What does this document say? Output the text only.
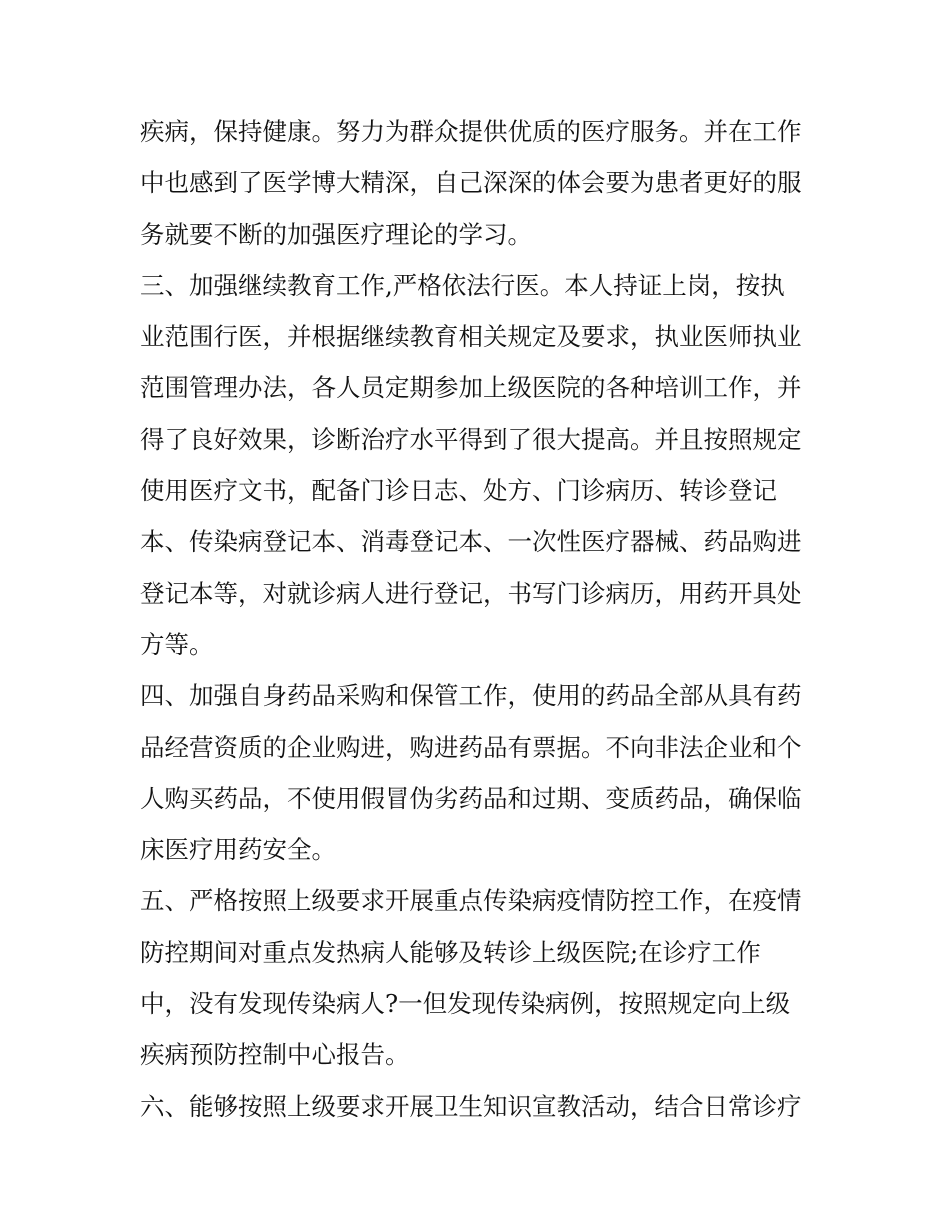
疾病，保持健康。努力为群众提供优质的医疗服务。并在工作
中也感到了医学博大精深，自己深深的体会要为患者更好的服
务就要不断的加强医疗理论的学习。
三、加强继续教育工作,严格依法行医。本人持证上岗，按执
业范围行医，并根据继续教育相关规定及要求，执业医师执业
范围管理办法，各人员定期参加上级医院的各种培训工作，并
得了良好效果，诊断治疗水平得到了很大提高。并且按照规定
使用医疗文书，配备门诊日志、处方、门诊病历、转诊登记
本、传染病登记本、消毒登记本、一次性医疗器械、药品购进
登记本等，对就诊病人进行登记，书写门诊病历，用药开具处
方等。
四、加强自身药品采购和保管工作，使用的药品全部从具有药
品经营资质的企业购进，购进药品有票据。不向非法企业和个
人购买药品，不使用假冒伪劣药品和过期、变质药品，确保临
床医疗用药安全。
五、严格按照上级要求开展重点传染病疫情防控工作，在疫情
防控期间对重点发热病人能够及转诊上级医院;在诊疗工作
中，没有发现传染病人?一但发现传染病例，按照规定向上级
疾病预防控制中心报告。
六、能够按照上级要求开展卫生知识宣教活动，结合日常诊疗
